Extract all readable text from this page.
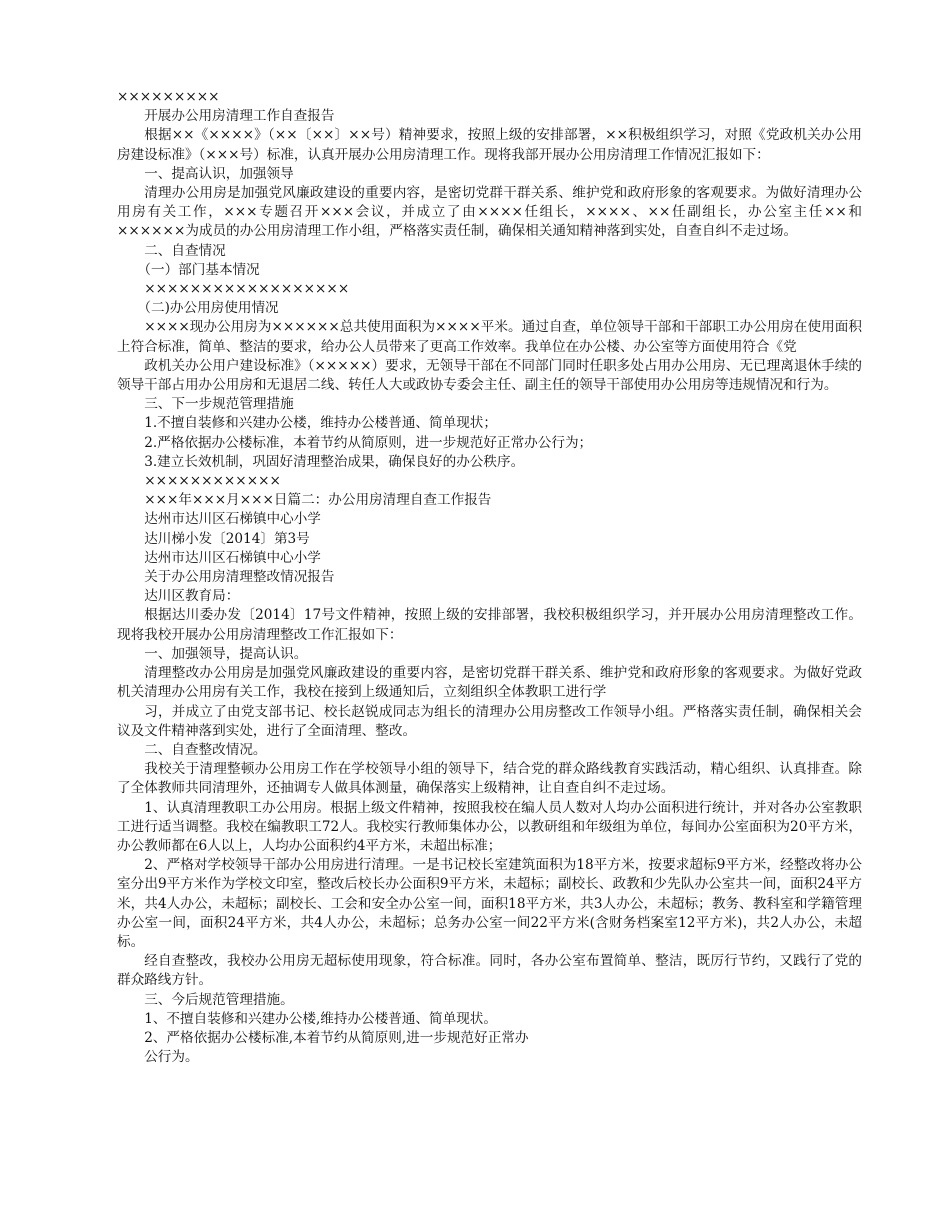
×××××××××

开展办公用房清理工作自查报告

根据××《××××》（××〔××〕××号）精神要求，按照上级的安排部署，××积极组织学习，对照《党政机关办公用房建设标准》（×××号）标准，认真开展办公用房清理工作。现将我部开展办公用房清理工作情况汇报如下：

一、提高认识，加强领导

清理办公用房是加强党风廉政建设的重要内容，是密切党群干群关系、维护党和政府形象的客观要求。为做好清理办公用房有关工作，×××专题召开×××会议，并成立了由××××任组长，××××、××任副组长，办公室主任××和××××××为成员的办公用房清理工作小组，严格落实责任制，确保相关通知精神落到实处，自查自纠不走过场。

二、自查情况

（一）部门基本情况

××××××××××××××××××

（二)办公用房使用情况

××××现办公用房为××××××总共使用面积为××××平米。通过自查，单位领导干部和干部职工办公用房在使用面积上符合标准，简单、整洁的要求，给办公人员带来了更高工作效率。我单位在办公楼、办公室等方面使用符合《党

政机关办公用户建设标准》（×××××）要求，无领导干部在不同部门同时任职多处占用办公用房、无已理离退休手续的领导干部占用办公用房和无退居二线、转任人大或政协专委会主任、副主任的领导干部使用办公用房等违规情况和行为。

三、下一步规范管理措施

1.不擅自装修和兴建办公楼，维持办公楼普通、简单现状；

2.严格依据办公楼标准，本着节约从简原则，进一步规范好正常办公行为；

3.建立长效机制，巩固好清理整治成果，确保良好的办公秩序。

××××××××××××

×××年×××月×××日篇二：办公用房清理自查工作报告

达州市达川区石梯镇中心小学

达川梯小发〔2014〕第3号

达州市达川区石梯镇中心小学

关于办公用房清理整改情况报告

达川区教育局：

根据达川委办发〔2014〕17号文件精神，按照上级的安排部署，我校积极组织学习，并开展办公用房清理整改工作。现将我校开展办公用房清理整改工作汇报如下：

一、加强领导，提高认识。

清理整改办公用房是加强党风廉政建设的重要内容，是密切党群干群关系、维护党和政府形象的客观要求。为做好党政机关清理办公用房有关工作，我校在接到上级通知后，立刻组织全体教职工进行学

习，并成立了由党支部书记、校长赵锐成同志为组长的清理办公用房整改工作领导小组。严格落实责任制，确保相关会议及文件精神落到实处，进行了全面清理、整改。

二、自查整改情况。

我校关于清理整顿办公用房工作在学校领导小组的领导下，结合党的群众路线教育实践活动，精心组织、认真排查。除了全体教师共同清理外，还抽调专人做具体测量，确保落实上级精神，让自查自纠不走过场。

1、认真清理教职工办公用房。根据上级文件精神，按照我校在编人员人数对人均办公面积进行统计，并对各办公室教职工进行适当调整。我校在编教职工72人。我校实行教师集体办公，以教研组和年级组为单位，每间办公室面积为20平方米，办公教师都在6人以上，人均办公面积约4平方米，未超出标准；

2、严格对学校领导干部办公用房进行清理。一是书记校长室建筑面积为18平方米，按要求超标9平方米，经整改将办公室分出9平方米作为学校文印室，整改后校长办公面积9平方米，未超标；副校长、政教和少先队办公室共一间，面积24平方米，共4人办公，未超标；副校长、工会和安全办公室一间，面积18平方米，共3人办公，未超标；教务、教科室和学籍管理办公室一间，面积24平方米，共4人办公，未超标；总务办公室一间22平方米(含财务档案室12平方米)，共2人办公，未超标。

经自查整改，我校办公用房无超标使用现象，符合标准。同时，各办公室布置简单、整洁，既厉行节约，又践行了党的群众路线方针。

三、今后规范管理措施。

1、不擅自装修和兴建办公楼,维持办公楼普通、简单现状。

2、严格依据办公楼标准,本着节约从简原则,进一步规范好正常办

公行为。
